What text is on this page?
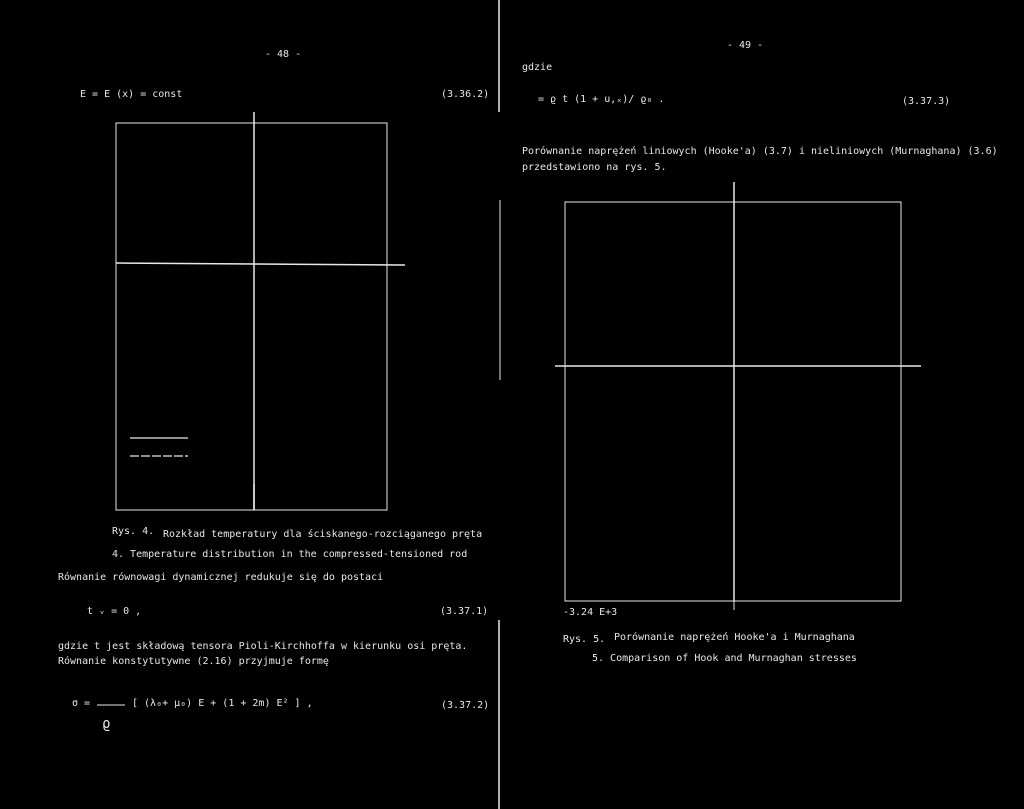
- 48 -
E = E (x) = const	(3.36.2)
Rys. 4. Rozkład temperatury dla ściskanego-rozciąganego pręta
4. Temperature distribution in the compressed-tensioned rod
Równanie równowagi dynamicznej redukuje się do postaci
t ᵥ = 0 ,	(3.37.1)
gdzie t jest składową tensora Pioli-Kirchhoffa w kierunku osi pręta.
Równanie konstytutywne (2.16) przyjmuje formę
σ =	[ (λ₀+ μ₀) E + (1 + 2m) E² ] ,
ϱ
(3.37.2)
- 49 -
gdzie
= ϱ t (1 + u,ₓ)/ ϱ₀ .	(3.37.3)
Porównanie naprężeń liniowych (Hooke'a) (3.7) i nieliniowych (Murnaghana) (3.6)
przedstawiono na rys. 5.
-3.24 E+3
Rys. 5. Porównanie naprężeń Hooke'a i Murnaghana
5. Comparison of Hook and Murnaghan stresses
